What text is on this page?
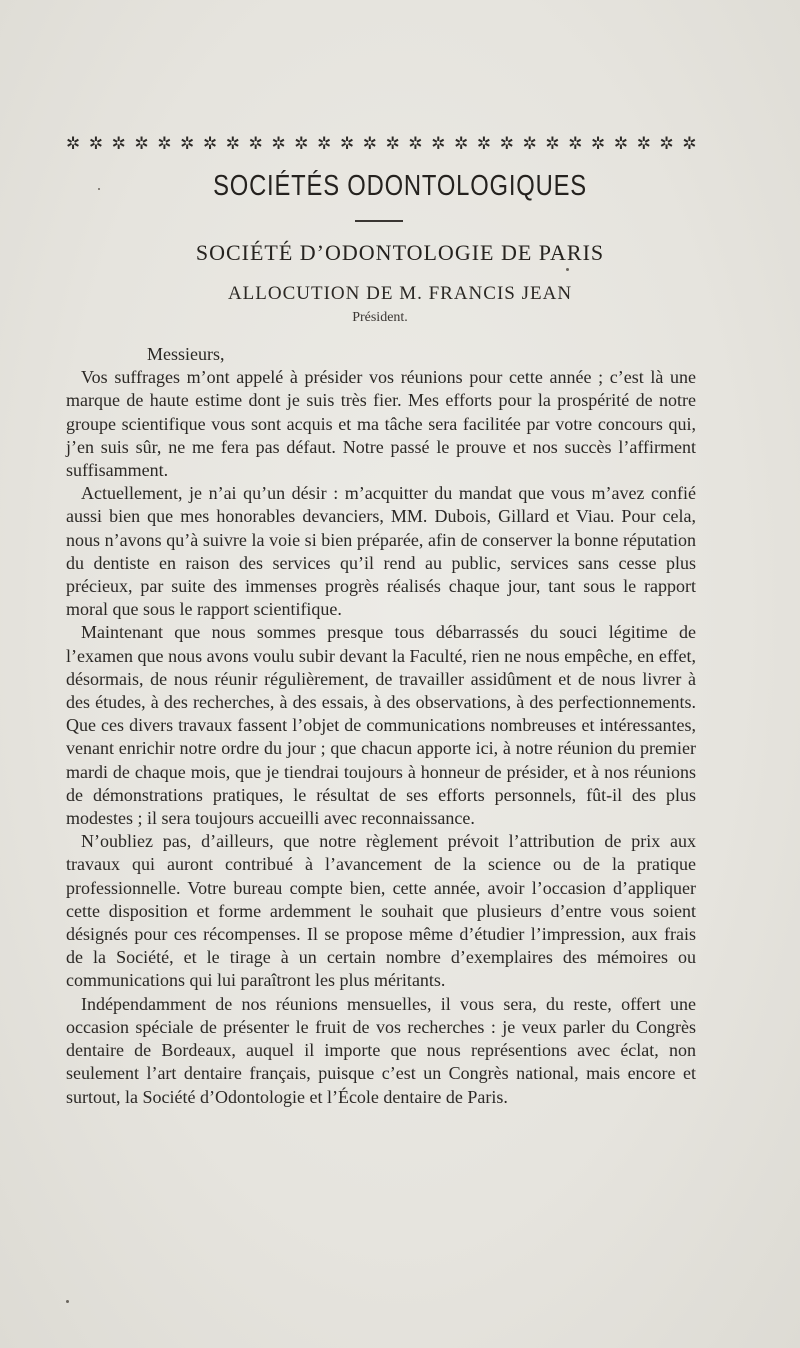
✲ ✲ ✲ ✲ ✲ ✲ ✲ ✲ ✲ ✲ ✲ ✲ ✲ ✲ ✲ ✲ ✲ ✲ ✲ ✲ ✲ ✲ ✲ ✲ ✲ ✲ ✲ ✲
SOCIÉTÉS ODONTOLOGIQUES
SOCIÉTÉ D’ODONTOLOGIE DE PARIS
ALLOCUTION DE M. FRANCIS JEAN
Président.

Messieurs,

Vos suffrages m’ont appelé à présider vos réunions pour cette année ; c’est là une marque de haute estime dont je suis très fier. Mes efforts pour la prospérité de notre groupe scientifique vous sont acquis et ma tâche sera facilitée par votre concours qui, j’en suis sûr, ne me fera pas défaut. Notre passé le prouve et nos succès l’affirment suffisamment.

Actuellement, je n’ai qu’un désir : m’acquitter du mandat que vous m’avez confié aussi bien que mes honorables devanciers, MM. Dubois, Gillard et Viau. Pour cela, nous n’avons qu’à suivre la voie si bien préparée, afin de conserver la bonne réputation du dentiste en raison des services qu’il rend au public, services sans cesse plus précieux, par suite des immenses progrès réalisés chaque jour, tant sous le rapport moral que sous le rapport scientifique.

Maintenant que nous sommes presque tous débarrassés du souci légitime de l’examen que nous avons voulu subir devant la Faculté, rien ne nous empêche, en effet, désormais, de nous réunir régulièrement, de travailler assidûment et de nous livrer à des études, à des recherches, à des essais, à des observations, à des perfectionnements. Que ces divers travaux fassent l’objet de communications nombreuses et intéressantes, venant enrichir notre ordre du jour ; que chacun apporte ici, à notre réunion du premier mardi de chaque mois, que je tiendrai toujours à honneur de présider, et à nos réunions de démonstrations pratiques, le résultat de ses efforts personnels, fût-il des plus modestes ; il sera toujours accueilli avec reconnaissance.

N’oubliez pas, d’ailleurs, que notre règlement prévoit l’attribution de prix aux travaux qui auront contribué à l’avancement de la science ou de la pratique professionnelle. Votre bureau compte bien, cette année, avoir l’occasion d’appliquer cette disposition et forme ardemment le souhait que plusieurs d’entre vous soient désignés pour ces récompenses. Il se propose même d’étudier l’impression, aux frais de la Société, et le tirage à un certain nombre d’exemplaires des mémoires ou communications qui lui paraîtront les plus méritants.

Indépendamment de nos réunions mensuelles, il vous sera, du reste, offert une occasion spéciale de présenter le fruit de vos recherches : je veux parler du Congrès dentaire de Bordeaux, auquel il importe que nous représentions avec éclat, non seulement l’art dentaire français, puisque c’est un Congrès national, mais encore et surtout, la Société d’Odontologie et l’École dentaire de Paris.
